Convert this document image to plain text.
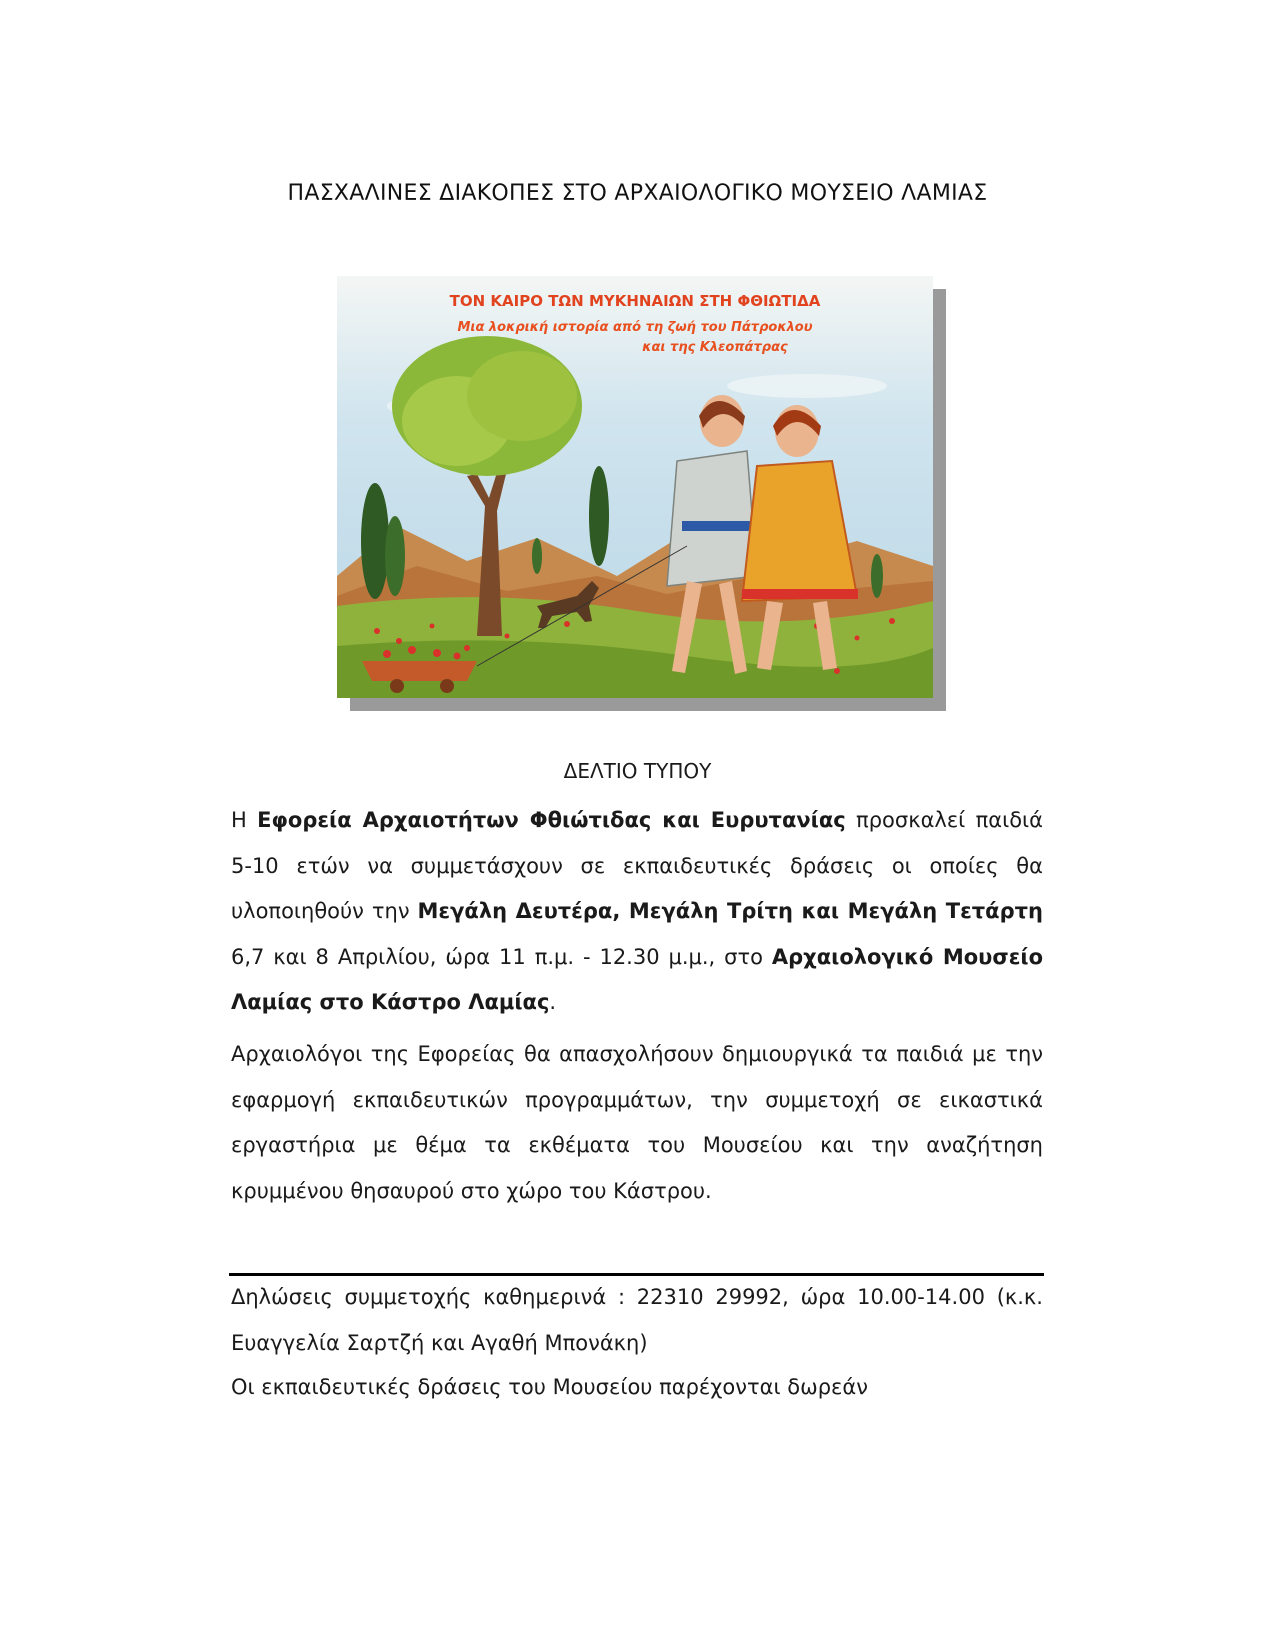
ΠΑΣΧΑΛΙΝΕΣ ΔΙΑΚΟΠΕΣ ΣΤΟ ΑΡΧΑΙΟΛΟΓΙΚΟ ΜΟΥΣΕΙΟ ΛΑΜΙΑΣ
ΤΟΝ ΚΑΙΡΟ ΤΩΝ ΜΥΚΗΝΑΙΩΝ ΣΤΗ ΦΘΙΩΤΙΔΑ
Μια λοκρική ιστορία από τη ζωή του Πάτροκλου
και της Κλεοπάτρας
ΔΕΛΤΙΟ ΤΥΠΟΥ
Η Εφορεία Αρχαιοτήτων Φθιώτιδας και Ευρυτανίας προσκαλεί παιδιά 5-10 ετών να συμμετάσχουν σε εκπαιδευτικές δράσεις οι οποίες θα υλοποιηθούν την Μεγάλη Δευτέρα, Μεγάλη Τρίτη και Μεγάλη Τετάρτη 6,7 και 8 Απριλίου, ώρα 11 π.μ. - 12.30 μ.μ., στο Αρχαιολογικό Μουσείο Λαμίας στο Κάστρο Λαμίας.
Αρχαιολόγοι της Εφορείας θα απασχολήσουν δημιουργικά τα παιδιά με την εφαρμογή εκπαιδευτικών προγραμμάτων, την συμμετοχή σε εικαστικά εργαστήρια με θέμα τα εκθέματα του Μουσείου και την αναζήτηση κρυμμένου θησαυρού στο χώρο του Κάστρου.
Δηλώσεις συμμετοχής καθημερινά : 22310 29992, ώρα 10.00-14.00 (κ.κ. Ευαγγελία Σαρτζή και Αγαθή Μπονάκη)
Οι εκπαιδευτικές δράσεις του Μουσείου παρέχονται δωρεάν
